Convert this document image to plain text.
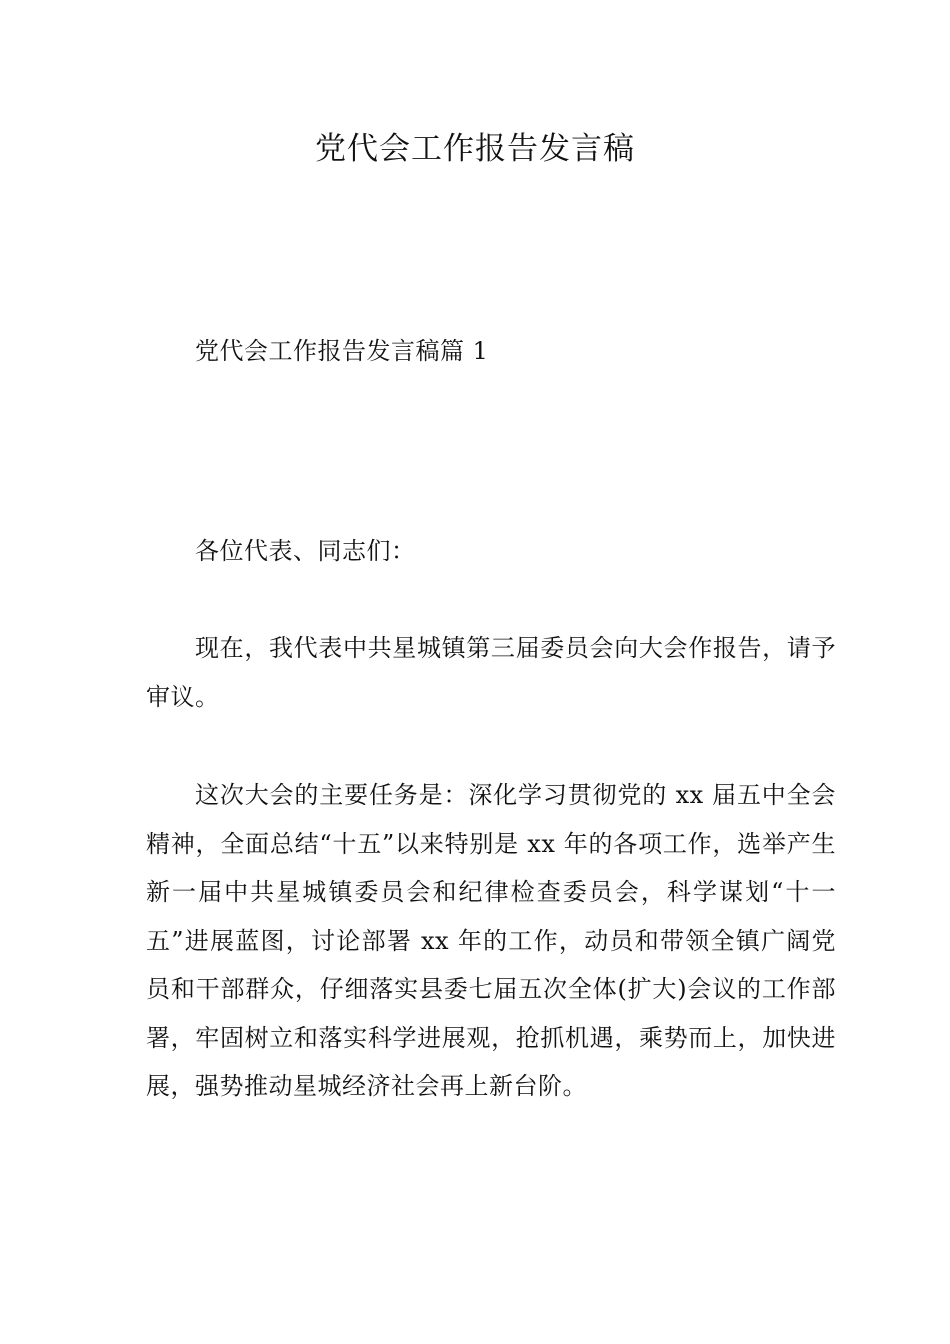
党代会工作报告发言稿

党代会工作报告发言稿篇 1

各位代表、同志们：

现在，我代表中共星城镇第三届委员会向大会作报告，请予审议。

这次大会的主要任务是：深化学习贯彻党的 xx 届五中全会精神，全面总结“十五”以来特别是 xx 年的各项工作，选举产生新一届中共星城镇委员会和纪律检查委员会，科学谋划“十一五”进展蓝图，讨论部署 xx 年的工作，动员和带领全镇广阔党员和干部群众，仔细落实县委七届五次全体(扩大)会议的工作部署，牢固树立和落实科学进展观，抢抓机遇，乘势而上，加快进展，强势推动星城经济社会再上新台阶。
